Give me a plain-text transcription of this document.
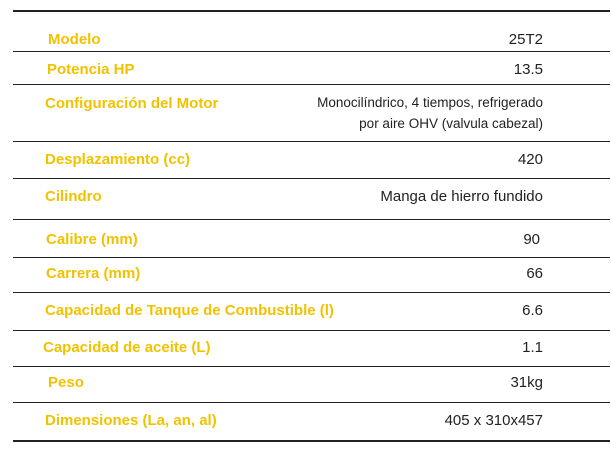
Modelo	25T2
Potencia HP	13.5
Configuración del Motor	Monocilíndrico, 4 tiempos, refrigerado
por aire OHV (valvula cabezal)
Desplazamiento (cc)	420
Cilindro	Manga de hierro fundido
Calibre (mm)	90
Carrera (mm)	66
Capacidad de Tanque de Combustible (l)	6.6
Capacidad de aceite (L)	1.1
Peso	31kg
Dimensiones (La, an, al)	405 x 310x457
